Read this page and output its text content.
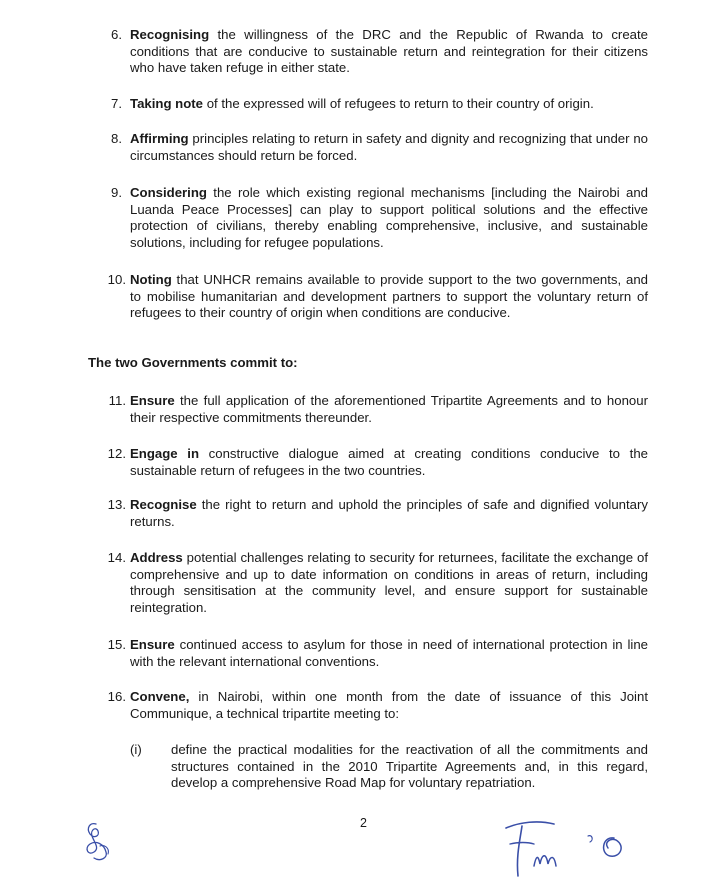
6. Recognising the willingness of the DRC and the Republic of Rwanda to create conditions that are conducive to sustainable return and reintegration for their citizens who have taken refuge in either state.
7. Taking note of the expressed will of refugees to return to their country of origin.
8. Affirming principles relating to return in safety and dignity and recognizing that under no circumstances should return be forced.
9. Considering the role which existing regional mechanisms [including the Nairobi and Luanda Peace Processes] can play to support political solutions and the effective protection of civilians, thereby enabling comprehensive, inclusive, and sustainable solutions, including for refugee populations.
10. Noting that UNHCR remains available to provide support to the two governments, and to mobilise humanitarian and development partners to support the voluntary return of refugees to their country of origin when conditions are conducive.
The two Governments commit to:
11. Ensure the full application of the aforementioned Tripartite Agreements and to honour their respective commitments thereunder.
12. Engage in constructive dialogue aimed at creating conditions conducive to the sustainable return of refugees in the two countries.
13. Recognise the right to return and uphold the principles of safe and dignified voluntary returns.
14. Address potential challenges relating to security for returnees, facilitate the exchange of comprehensive and up to date information on conditions in areas of return, including through sensitisation at the community level, and ensure support for sustainable reintegration.
15. Ensure continued access to asylum for those in need of international protection in line with the relevant international conventions.
16. Convene, in Nairobi, within one month from the date of issuance of this Joint Communique, a technical tripartite meeting to:
(i) define the practical modalities for the reactivation of all the commitments and structures contained in the 2010 Tripartite Agreements and, in this regard, develop a comprehensive Road Map for voluntary repatriation.
2
